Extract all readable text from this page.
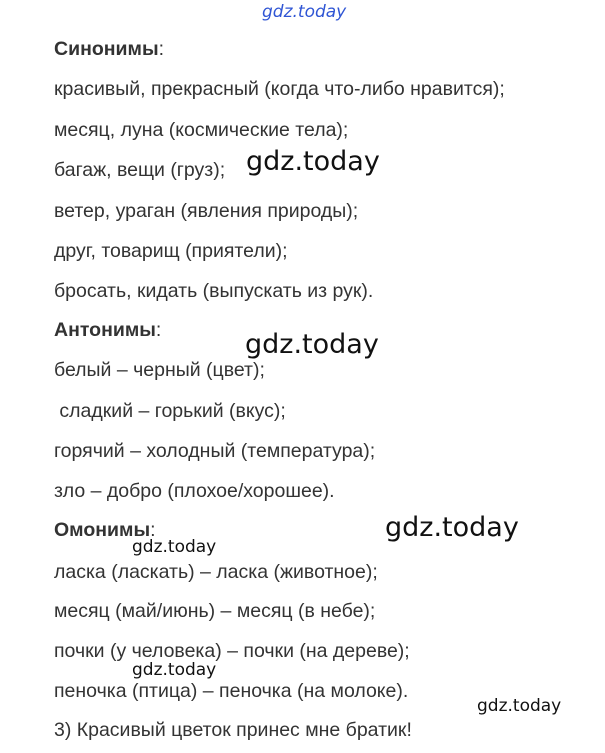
gdz.today
Синонимы:
красивый, прекрасный (когда что-либо нравится);
месяц, луна (космические тела);
багаж, вещи (груз);
ветер, ураган (явления природы);
друг, товарищ (приятели);
бросать, кидать (выпускать из рук).
gdz.today
Антонимы:
белый – черный (цвет);
сладкий – горький (вкус);
горячий – холодный (температура);
зло – добро (плохое/хорошее).
gdz.today
Омонимы:	gdz.today
gdz.today
ласка (ласкать) – ласка (животное);
месяц (май/июнь) – месяц (в небе);
почки (у человека) – почки (на дереве);
gdz.today
пеночка (птица) – пеночка (на молоке).
gdz.today
3) Красивый цветок принес мне братик!
